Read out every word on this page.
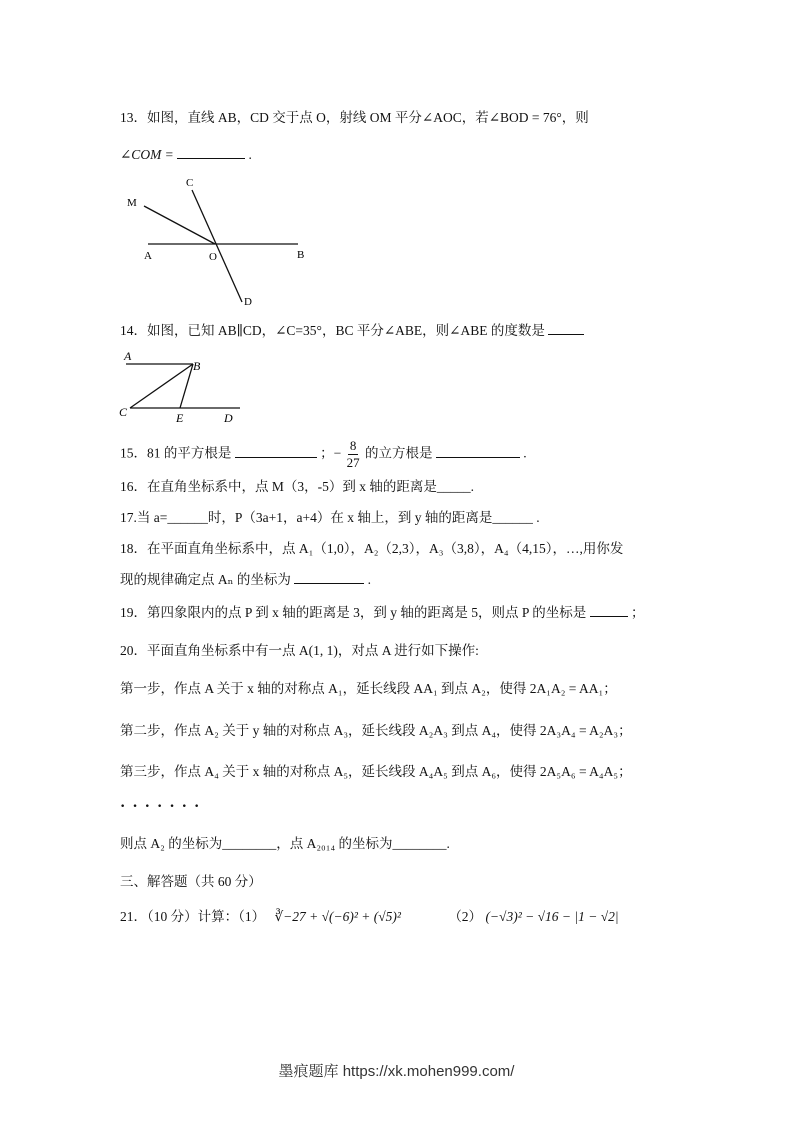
13．如图，直线 AB，CD 交于点 O，射线 OM 平分∠AOC，若∠BOD = 76°，则
∠COM =	.
M
C
A	O	B
D
14．如图，已知 AB∥CD，∠C=35°，BC 平分∠ABE，则∠ABE 的度数是
A
B
C	E	D
15．81 的平方根是	；− $\frac{8}{27}$ 的立方根是	.
16．在直角坐标系中，点 M（3，-5）到 x 轴的距离是_____.
17.当 a=______时，P（3a+1，a+4）在 x 轴上，到 y 轴的距离是______ .
18．在平面直角坐标系中，点 A₁（1,0），A₂（2,3），A₃（3,8），A₄（4,15），…,用你发
现的规律确定点 Aₙ 的坐标为	.
19．第四象限内的点 P 到 x 轴的距离是 3，到 y 轴的距离是 5，则点 P 的坐标是	；
20．平面直角坐标系中有一点 A(1, 1)，对点 A 进行如下操作:
第一步，作点 A 关于 x 轴的对称点 A₁，延长线段 AA₁ 到点 A₂，使得 2A₁A₂ = AA₁；
第二步，作点 A₂ 关于 y 轴的对称点 A₃，延长线段 A₂A₃ 到点 A₄，使得 2A₃A₄ = A₂A₃；
第三步，作点 A₄ 关于 x 轴的对称点 A₅，延长线段 A₄A₅ 到点 A₆，使得 2A₅A₆ = A₄A₅；
·······
则点 A₂ 的坐标为________，点 A₂₀₁₄ 的坐标为________.
三、解答题（共 60 分）
21．（10 分）计算：（1） ∛−27 + √(−6)² + (√5)²	（2） (−√3)² − √16 − |1 − √2|
墨痕题库 https://xk.mohen999.com/
